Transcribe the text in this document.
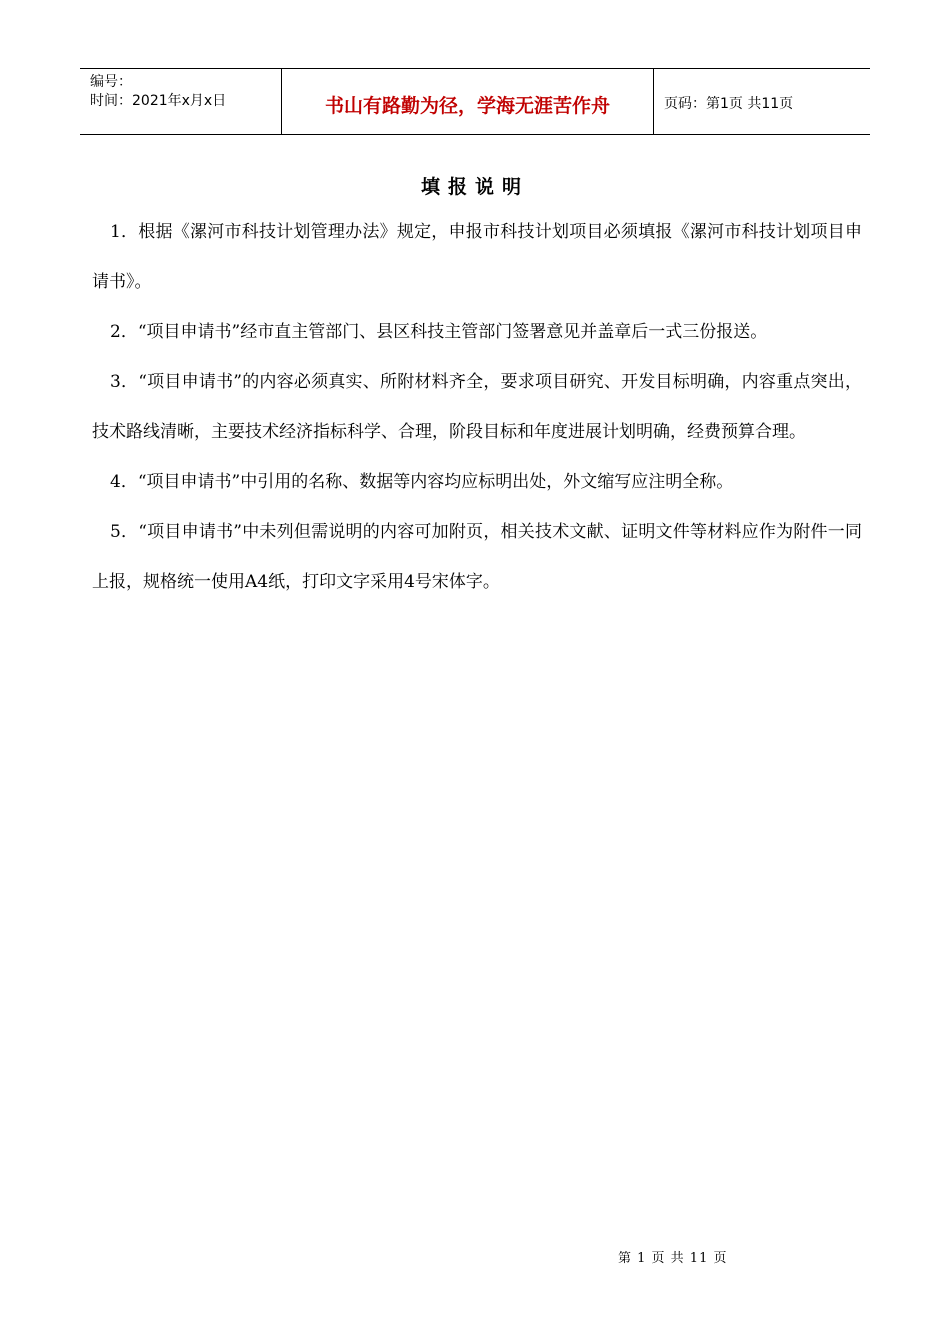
编号：
时间：2021年x月x日	书山有路勤为径，学海无涯苦作舟	页码：第1页 共11页
填报说明

1．根据《漯河市科技计划管理办法》规定，申报市科技计划项目必须填报《漯河市科技计划项目申请书》。

2．“项目申请书”经市直主管部门、县区科技主管部门签署意见并盖章后一式三份报送。

3．“项目申请书”的内容必须真实、所附材料齐全，要求项目研究、开发目标明确，内容重点突出，技术路线清晰，主要技术经济指标科学、合理，阶段目标和年度进展计划明确，经费预算合理。

4．“项目申请书”中引用的名称、数据等内容均应标明出处，外文缩写应注明全称。

5．“项目申请书”中未列但需说明的内容可加附页，相关技术文献、证明文件等材料应作为附件一同上报，规格统一使用A4纸，打印文字采用4号宋体字。

第 1 页 共 11 页
